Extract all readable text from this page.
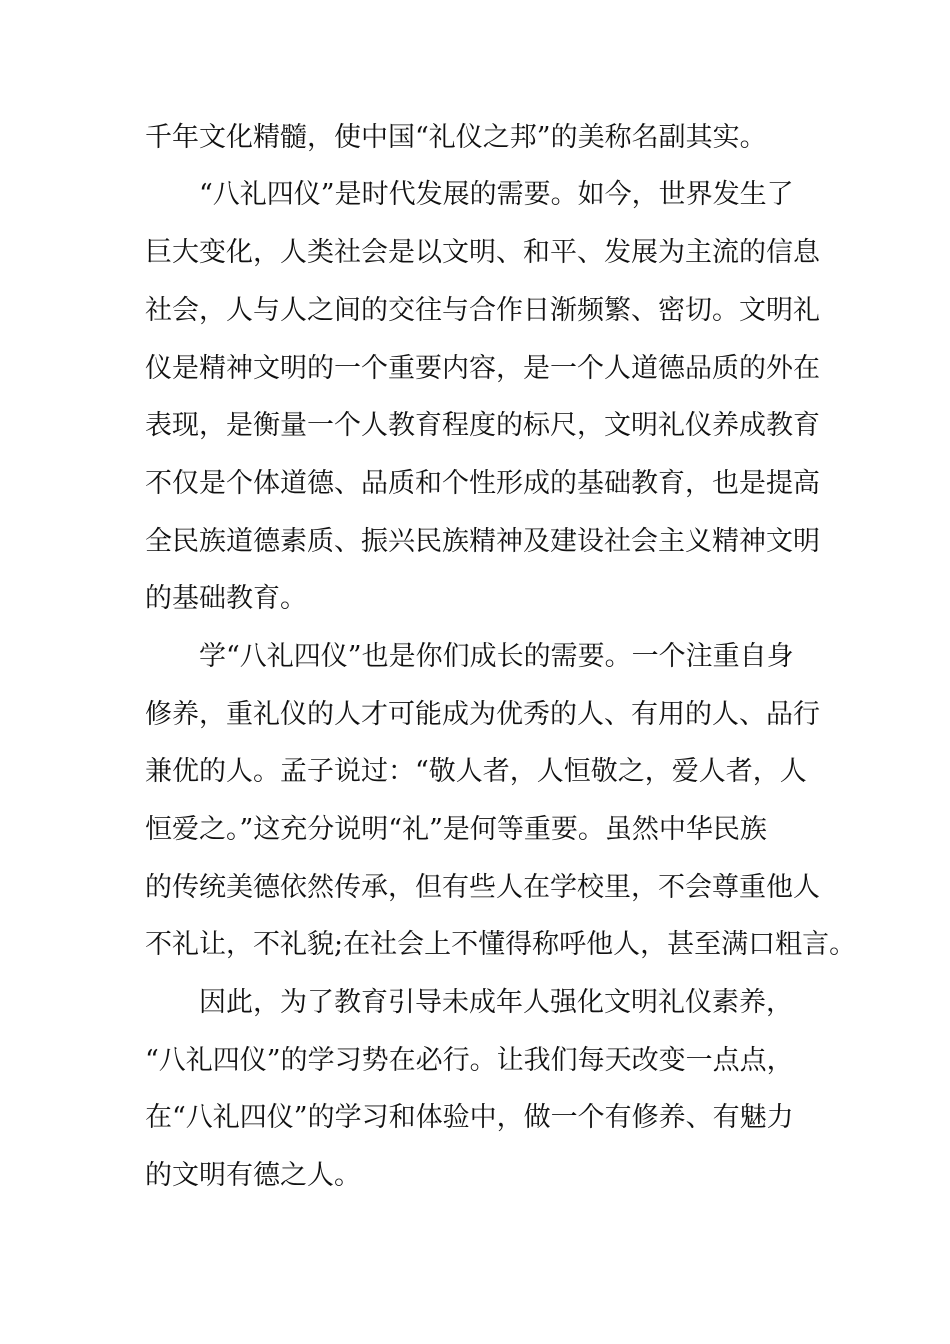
千年文化精髓，使中国“礼仪之邦”的美称名副其实。
“八礼四仪”是时代发展的需要。如今，世界发生了
巨大变化，人类社会是以文明、和平、发展为主流的信息
社会，人与人之间的交往与合作日渐频繁、密切。文明礼
仪是精神文明的一个重要内容，是一个人道德品质的外在
表现，是衡量一个人教育程度的标尺，文明礼仪养成教育
不仅是个体道德、品质和个性形成的基础教育，也是提高
全民族道德素质、振兴民族精神及建设社会主义精神文明
的基础教育。
学“八礼四仪”也是你们成长的需要。一个注重自身
修养，重礼仪的人才可能成为优秀的人、有用的人、品行
兼优的人。孟子说过：“敬人者，人恒敬之，爱人者，人
恒爱之。”这充分说明“礼”是何等重要。虽然中华民族
的传统美德依然传承，但有些人在学校里，不会尊重他人
不礼让，不礼貌;在社会上不懂得称呼他人，甚至满口粗言。
因此，为了教育引导未成年人强化文明礼仪素养，
“八礼四仪”的学习势在必行。让我们每天改变一点点，
在“八礼四仪”的学习和体验中，做一个有修养、有魅力
的文明有德之人。
